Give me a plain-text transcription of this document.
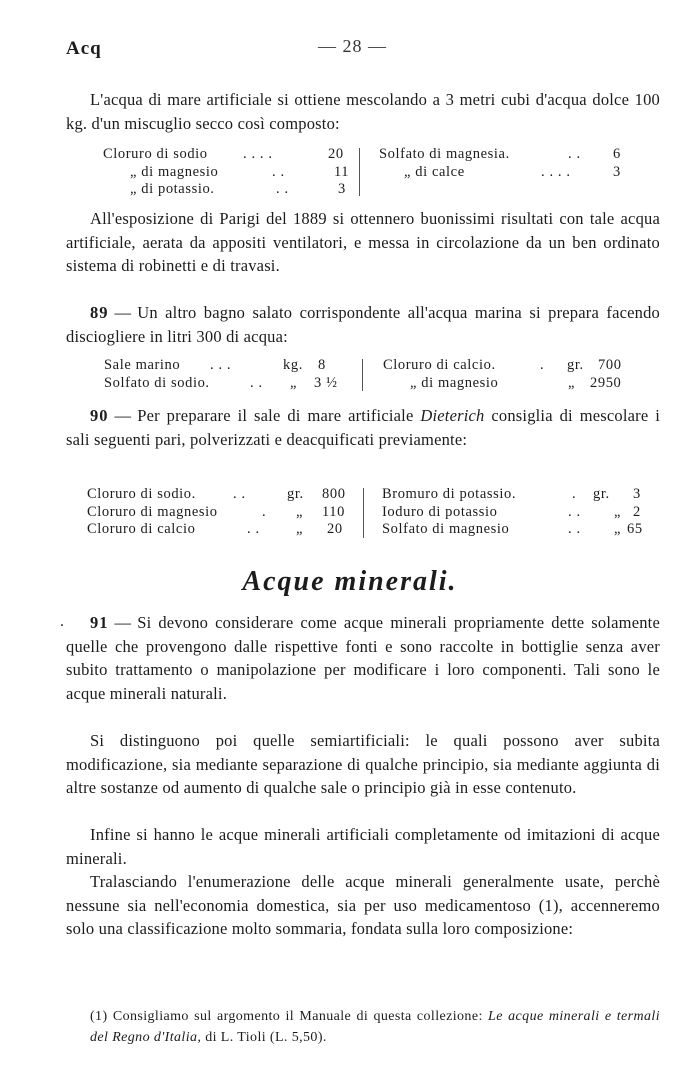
Acq	— 28 —

L'acqua di mare artificiale si ottiene mescolando a 3 metri cubi d'acqua dolce 100 kg. d'un miscuglio secco così composto:

Cloruro di sodio . . . .	20 Solfato di magnesia.	. . 6
„ di magnesio	. .	11	„ di calce	. . . .	3
„ di potassio.	. .	3

All'esposizione di Parigi del 1889 si ottennero buonissimi risultati con tale acqua artificiale, aerata da appositi ventilatori, e messa in circolazione da un ben ordinato sistema di robinetti e di travasi.

89 — Un altro bagno salato corrispondente all'acqua marina si prepara facendo disciogliere in litri 300 di acqua:

Sale marino . . .	kg. 8	Cloruro di calcio.	. gr. 700
Solfato di sodio.	. . „ 3 ½	„ di magnesio	„ 2950

90 — Per preparare il sale di mare artificiale Dieterich consiglia di mescolare i sali seguenti pari, polverizzati e deacquificati previamente:

Cloruro di sodio.	. .	gr. 800	Bromuro di potassio.	. gr. 3
Cloruro di magnesio	. „ 110	Ioduro di potassio	. . „ 2
Cloruro di calcio	. .	„ 20	Solfato di magnesio	. . „ 65
Acque minerali.
.	91 — Si devono considerare come acque minerali propriamente dette solamente quelle che provengono dalle rispettive fonti e sono raccolte in bottiglie senza aver subito trattamento o manipolazione per modificare i loro componenti. Tali sono le acque minerali naturali.

Si distinguono poi quelle semiartificiali: le quali possono aver subita modificazione, sia mediante separazione di qualche principio, sia mediante aggiunta di altre sostanze od aumento di qualche sale o principio già in esse contenuto.

Infine si hanno le acque minerali artificiali completamente od imitazioni di acque minerali.

Tralasciando l'enumerazione delle acque minerali generalmente usate, perchè nessune sia nell'economia domestica, sia per uso medicamentoso (1), accenneremo solo una classificazione molto sommaria, fondata sulla loro composizione:

(1) Consigliamo sul argomento il Manuale di questa collezione: Le acque minerali e termali del Regno d'Italia, di L. Tioli (L. 5,50).
